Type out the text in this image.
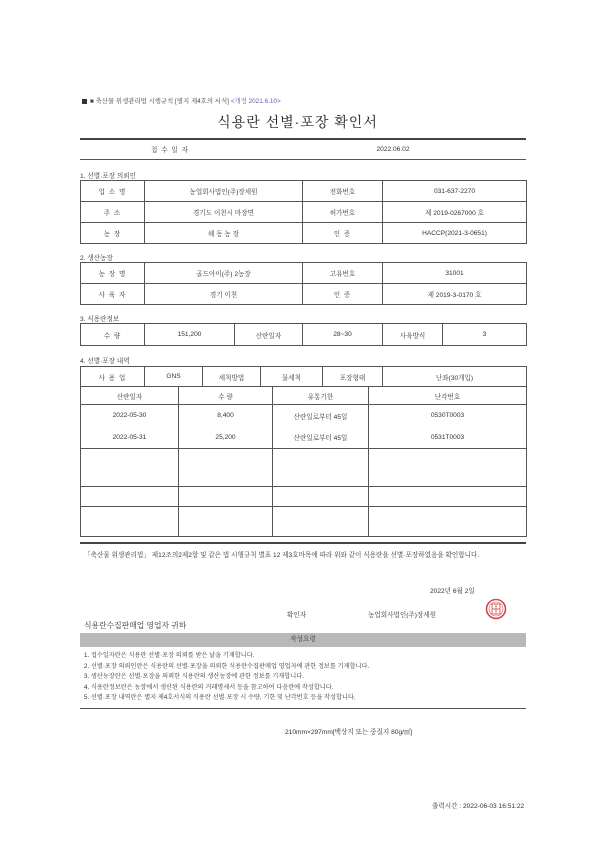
■ 축산물 위생관리법 시행규칙 [별지 제4호의 서식] <개정 2021.6.10>
식용란 선별·포장 확인서
접 수 일 자	2022.06.02
1. 선별·포장 의뢰인
업 소 명	농업회사법인(주)장세원	전화번호	031-637-2270
주 소	경기도 이천시 마장면	허가번호	제 2019-0267000 호
농 장	해 동 농 장	인 증	HACCP(2021-3-0651)
2. 생산농장
농 장 명	골드아이(주) 2농장	고유번호	31001
사 육 자	경기 이천	인 증	제 2019-3-0170 호
3. 식용란정보
수 량	151,200	산란일자	28~30	사육방식	3
4. 선별·포장 내역
사 용 업	GNS	세척방법	물세척	포장형태	난좌(30개입)
산란일자	수 량	유통기한	난각번호
2022-05-30	8,400	산란일로부터 45일	0530T0003
2022-05-31	25,200	산란일로부터 45일	0531T0003

「축산물 위생관리법」 제12조의2제2항 및 같은 법 시행규칙 별표 12 제3호마목에 따라 위와 같이 식용란을 선별·포장하였음을 확인합니다.
2022년 6월 2일
확인자	농업회사법인(주)장세원
식용란수집판매업 영업자 귀하
작성요령
1. 접수일자란은 식용란 선별·포장 의뢰를 받은 날을 기재합니다.
2. 선별·포장 의뢰인란은 식용란의 선별·포장을 의뢰한 식용란수집판매업 영업자에 관한 정보를 기재합니다.
3. 생산농장란은 선별·포장을 의뢰한 식용란의 생산농장에 관한 정보를 기재합니다.
4. 식용란정보란은 농장에서 생산된 식용란의 거래명세서 등을 참고하여 다음란에 작성합니다.
5. 선별·포장 내역란은 별지 제4호서식의 식용란 선별·포장 시 수량, 기한 및 난각번호 등을 작성합니다.
210mm×297mm[백상지 또는 중질지 80g/㎡]
출력시간 : 2022-06-03 16:51:22
